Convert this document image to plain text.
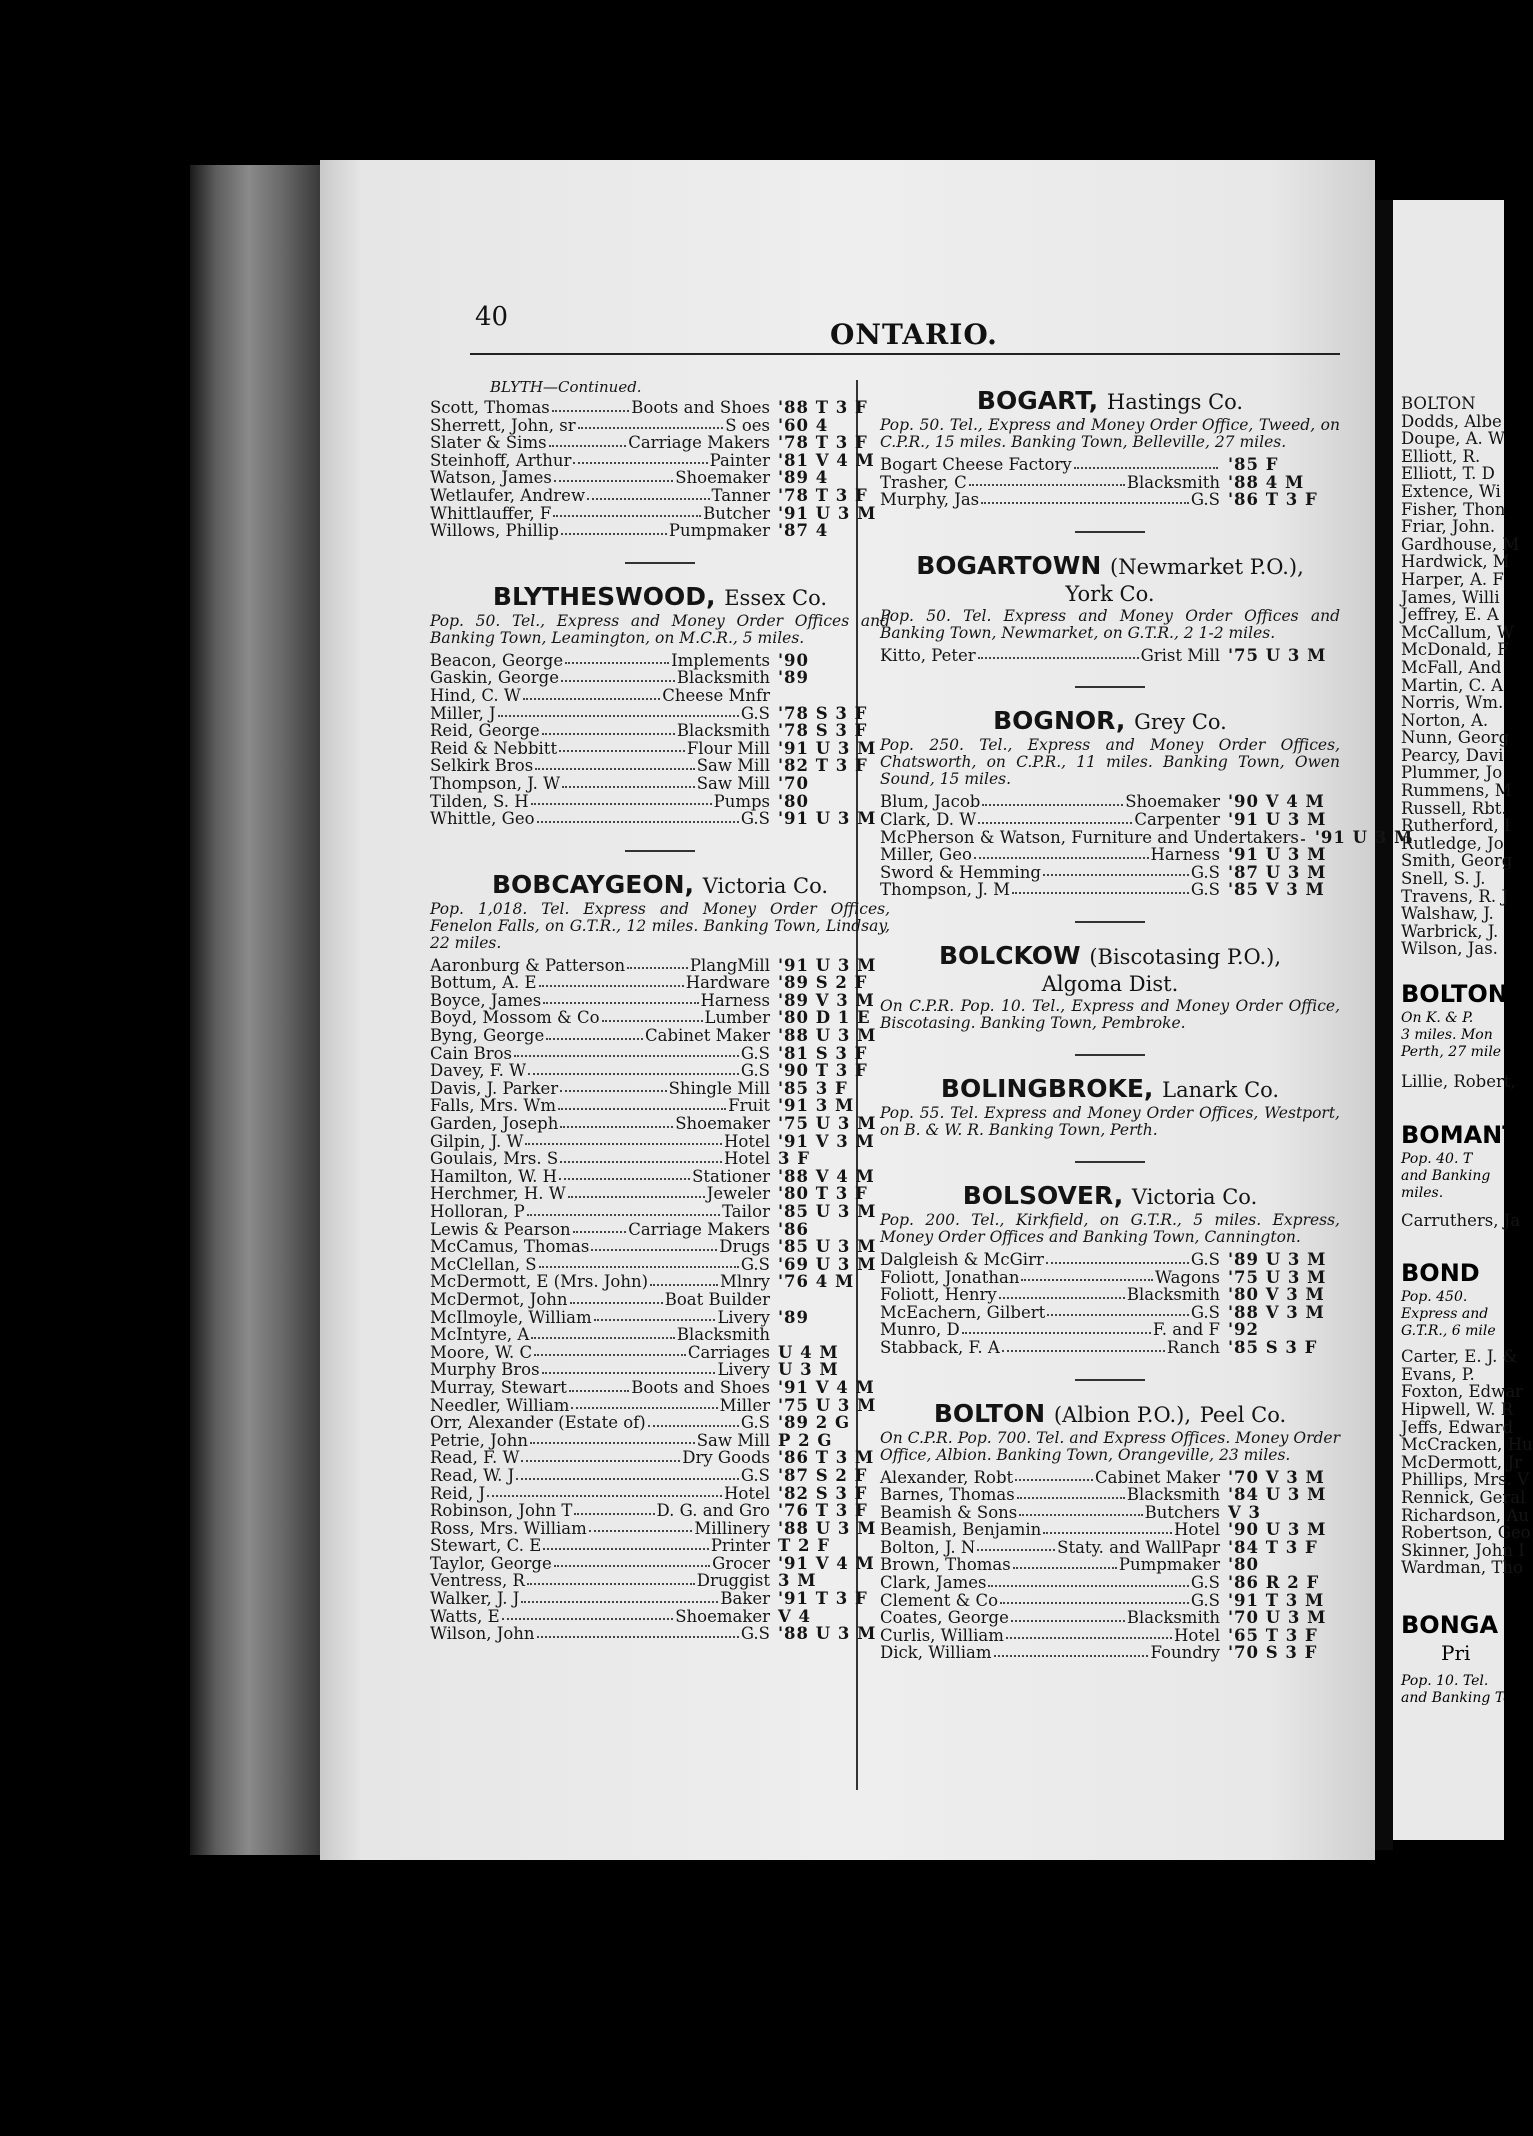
BOLTON
Dodds, Albe
Doupe, A. W
Elliott, R.
Elliott, T. D
Extence, Wi
Fisher, Thon
Friar, John.
Gardhouse, M
Hardwick, M
Harper, A. F
James, Willi
Jeffrey, E. A
McCallum, W
McDonald, F
McFall, And
Martin, C. A
Norris, Wm.
Norton, A.
Nunn, Georg
Pearcy, Davi
Plummer, Jo
Rummens, M
Russell, Rbt.
Rutherford, I
Rutledge, Jo
Smith, Georg
Snell, S. J.
Travens, R. J
Walshaw, J.
Warbrick, J.
Wilson, Jas.
BOLTON
On K. & P.
3 miles. Mon
Perth, 27 mile
Lillie, Robert,
BOMANT
Pop. 40. T
and Banking
miles.
Carruthers, Ja
BOND
Pop. 450.
Express and
G.T.R., 6 mile
Carter, E. J. &
Evans, P.
Foxton, Edwar
Hipwell, W. R
Jeffs, Edward
McCracken, Hu
McDermott, Jr
Phillips, Mrs. V
Rennick, Geral
Richardson, Au
Robertson, Geo
Skinner, John I
Wardman, Tho
BONGA
Pri
Pop. 10. Tel.
and Banking To
40
ONTARIO.
BLYTH—Continued.
Scott, Thomas	Boots and Shoes '88 T 3 F
Sherrett, John, sr	S oes '60 4
Slater & Sims	Carriage Makers '78 T 3 F
Steinhoff, Arthur	Painter '81 V 4 M
Watson, James	Shoemaker '89 4
Wetlaufer, Andrew	Tanner '78 T 3 F
Whittlauffer, F	Butcher '91 U 3 M
Willows, Phillip	Pumpmaker '87 4
BLYTHESWOOD, Essex Co.
Pop. 50. Tel., Express and Money Order Offices and Banking Town, Leamington, on M.C.R., 5 miles.
Beacon, George	Implements '90
Gaskin, George	Blacksmith '89
Hind, C. W	Cheese Mnfr
Miller, J	G.S '78 S 3 F
Reid, George	Blacksmith '78 S 3 F
Reid & Nebbitt	Flour Mill '91 U 3 M
Selkirk Bros	Saw Mill '82 T 3 F
Thompson, J. W	Saw Mill '70
Tilden, S. H	Pumps '80
Whittle, Geo	G.S '91 U 3 M
BOBCAYGEON, Victoria Co.
Pop. 1,018. Tel. Express and Money Order Offices, Fenelon Falls, on G.T.R., 12 miles. Banking Town, Lindsay, 22 miles.
Aaronburg & Patterson	PlangMill '91 U 3 M
Bottum, A. E	Hardware '89 S 2 F
Boyce, James	Harness '89 V 3 M
Boyd, Mossom & Co	Lumber '80 D 1 E
Byng, George	Cabinet Maker '88 U 3 M
Cain Bros	G.S '81 S 3 F
Davey, F. W	G.S '90 T 3 F
Davis, J. Parker	Shingle Mill '85 3 F
Falls, Mrs. Wm	Fruit '91 3 M
Garden, Joseph	Shoemaker '75 U 3 M
Gilpin, J. W	Hotel '91 V 3 M
Goulais, Mrs. S	Hotel 3 F
Hamilton, W. H	Stationer '88 V 4 M
Herchmer, H. W	Jeweler '80 T 3 F
Holloran, P	Tailor '85 U 3 M
Lewis & Pearson	Carriage Makers '86
McCamus, Thomas	Drugs '85 U 3 M
McClellan, S	G.S '69 U 3 M
McDermott, E (Mrs. John)	Mlnry '76 4 M
McDermot, John	Boat Builder
McIlmoyle, William	Livery '89
McIntyre, A	Blacksmith
Moore, W. C	Carriages U 4 M
Murphy Bros	Livery U 3 M
Murray, Stewart	Boots and Shoes '91 V 4 M
Needler, William	Miller '75 U 3 M
Orr, Alexander (Estate of)	G.S '89 2 G
Petrie, John	Saw Mill P 2 G
Read, F. W	Dry Goods '86 T 3 M
Read, W. J	G.S '87 S 2 F
Reid, J	Hotel '82 S 3 F
Robinson, John T	D. G. and Gro '76 T 3 F
Ross, Mrs. William	Millinery '88 U 3 M
Stewart, C. E	Printer T 2 F
Taylor, George	Grocer '91 V 4 M
Ventress, R	Druggist 3 M
Walker, J. J	Baker '91 T 3 F
Watts, E	Shoemaker V 4
Wilson, John	G.S '88 U 3 M
BOGART, Hastings Co.
Pop. 50. Tel., Express and Money Order Office, Tweed, on C.P.R., 15 miles. Banking Town, Belleville, 27 miles.
Bogart Cheese Factory	'85 F
Trasher, C	Blacksmith '88 4 M
Murphy, Jas	G.S '86 T 3 F
BOGARTOWN (Newmarket P.O.),
York Co.
Pop. 50. Tel. Express and Money Order Offices and Banking Town, Newmarket, on G.T.R., 2 1-2 miles.
Kitto, Peter	Grist Mill '75 U 3 M
BOGNOR, Grey Co.
Pop. 250. Tel., Express and Money Order Offices, Chatsworth, on C.P.R., 11 miles. Banking Town, Owen Sound, 15 miles.
Blum, Jacob	Shoemaker '90 V 4 M
Clark, D. W	Carpenter '91 U 3 M
McPherson & Watson, Furniture and Undertakers '91 U 3 M
Miller, Geo	Harness '91 U 3 M
Sword & Hemming	G.S '87 U 3 M
Thompson, J. M	G.S '85 V 3 M
BOLCKOW (Biscotasing P.O.),
Algoma Dist.
On C.P.R. Pop. 10. Tel., Express and Money Order Office, Biscotasing. Banking Town, Pembroke.
BOLINGBROKE, Lanark Co.
Pop. 55. Tel. Express and Money Order Offices, Westport, on B. & W. R. Banking Town, Perth.
BOLSOVER, Victoria Co.
Pop. 200. Tel., Kirkfield, on G.T.R., 5 miles. Express, Money Order Offices and Banking Town, Cannington.
Dalgleish & McGirr	G.S '89 U 3 M
Foliott, Jonathan	Wagons '75 U 3 M
Foliott, Henry	Blacksmith '80 V 3 M
McEachern, Gilbert	G.S '88 V 3 M
Munro, D	F. and F '92
Stabback, F. A	Ranch '85 S 3 F
BOLTON (Albion P.O.), Peel Co.
On C.P.R. Pop. 700. Tel. and Express Offices. Money Order Office, Albion. Banking Town, Orangeville, 23 miles.
Alexander, Robt	Cabinet Maker '70 V 3 M
Barnes, Thomas	Blacksmith '84 U 3 M
Beamish & Sons	Butchers V 3
Beamish, Benjamin	Hotel '90 U 3 M
Bolton, J. N	Staty. and WallPapr '84 T 3 F
Brown, Thomas	Pumpmaker '80
Clark, James	G.S '86 R 2 F
Clement & Co	G.S '91 T 3 M
Coates, George	Blacksmith '70 U 3 M
Curlis, William	Hotel '65 T 3 F
Dick, William	Foundry '70 S 3 F
